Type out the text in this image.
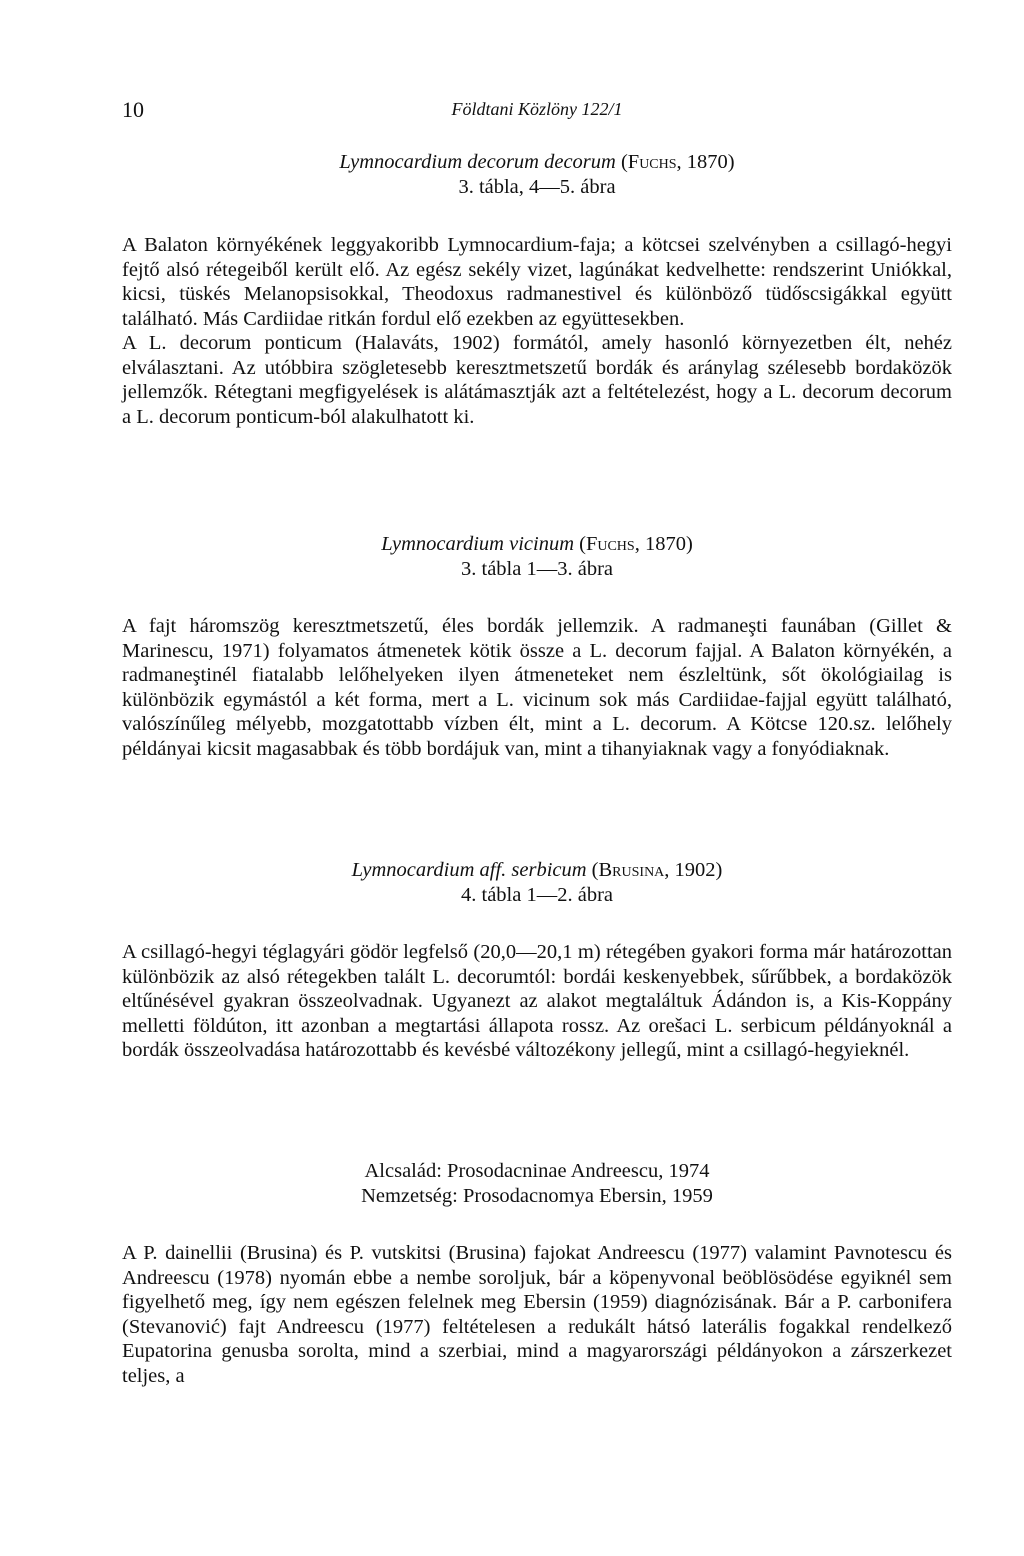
10	Földtani Közlöny 122/1
Lymnocardium decorum decorum (Fuchs, 1870)
3. tábla, 4—5. ábra

A Balaton környékének leggyakoribb Lymnocardium-faja; a kötcsei szelvényben a csillagó-hegyi fejtő alsó rétegeiből került elő. Az egész sekély vizet, lagúnákat kedvelhette: rendszerint Uniókkal, kicsi, tüskés Melanopsisokkal, Theodoxus radmanestivel és különböző tüdőscsigákkal együtt található. Más Cardiidae ritkán fordul elő ezekben az együttesekben.

A L. decorum ponticum (Halaváts, 1902) formától, amely hasonló környezetben élt, nehéz elválasztani. Az utóbbira szögletesebb keresztmetszetű bordák és aránylag szélesebb bordaközök jellemzők. Rétegtani megfigyelések is alátámasztják azt a feltételezést, hogy a L. decorum decorum a L. decorum ponticum-ból alakulhatott ki.

Lymnocardium vicinum (Fuchs, 1870)
3. tábla 1—3. ábra

A fajt háromszög keresztmetszetű, éles bordák jellemzik. A radmaneşti faunában (Gillet & Marinescu, 1971) folyamatos átmenetek kötik össze a L. decorum fajjal. A Balaton környékén, a radmaneştinél fiatalabb lelőhelyeken ilyen átmeneteket nem észleltünk, sőt ökológiailag is különbözik egymástól a két forma, mert a L. vicinum sok más Cardiidae-fajjal együtt található, valószínűleg mélyebb, mozgatottabb vízben élt, mint a L. decorum. A Kötcse 120.sz. lelőhely példányai kicsit magasabbak és több bordájuk van, mint a tihanyiaknak vagy a fonyódiaknak.

Lymnocardium aff. serbicum (Brusina, 1902)
4. tábla 1—2. ábra

A csillagó-hegyi téglagyári gödör legfelső (20,0—20,1 m) rétegében gyakori forma már határozottan különbözik az alsó rétegekben talált L. decorumtól: bordái keskenyebbek, sűrűbbek, a bordaközök eltűnésével gyakran összeolvadnak. Ugyanezt az alakot megtaláltuk Ádándon is, a Kis-Koppány melletti földúton, itt azonban a megtartási állapota rossz. Az orešaci L. serbicum példányoknál a bordák összeolvadása határozottabb és kevésbé változékony jellegű, mint a csillagó-hegyieknél.

Alcsalád: Prosodacninae Andreescu, 1974
Nemzetség: Prosodacnomya Ebersin, 1959

A P. dainellii (Brusina) és P. vutskitsi (Brusina) fajokat Andreescu (1977) valamint Pavnotescu és Andreescu (1978) nyomán ebbe a nembe soroljuk, bár a köpenyvonal beöblösödése egyiknél sem figyelhető meg, így nem egészen felelnek meg Ebersin (1959) diagnózisának. Bár a P. carbonifera (Stevanović) fajt Andreescu (1977) feltételesen a redukált hátsó laterális fogakkal rendelkező Eupatorina genusba sorolta, mind a szerbiai, mind a magyarországi példányokon a zárszerkezet teljes, a
